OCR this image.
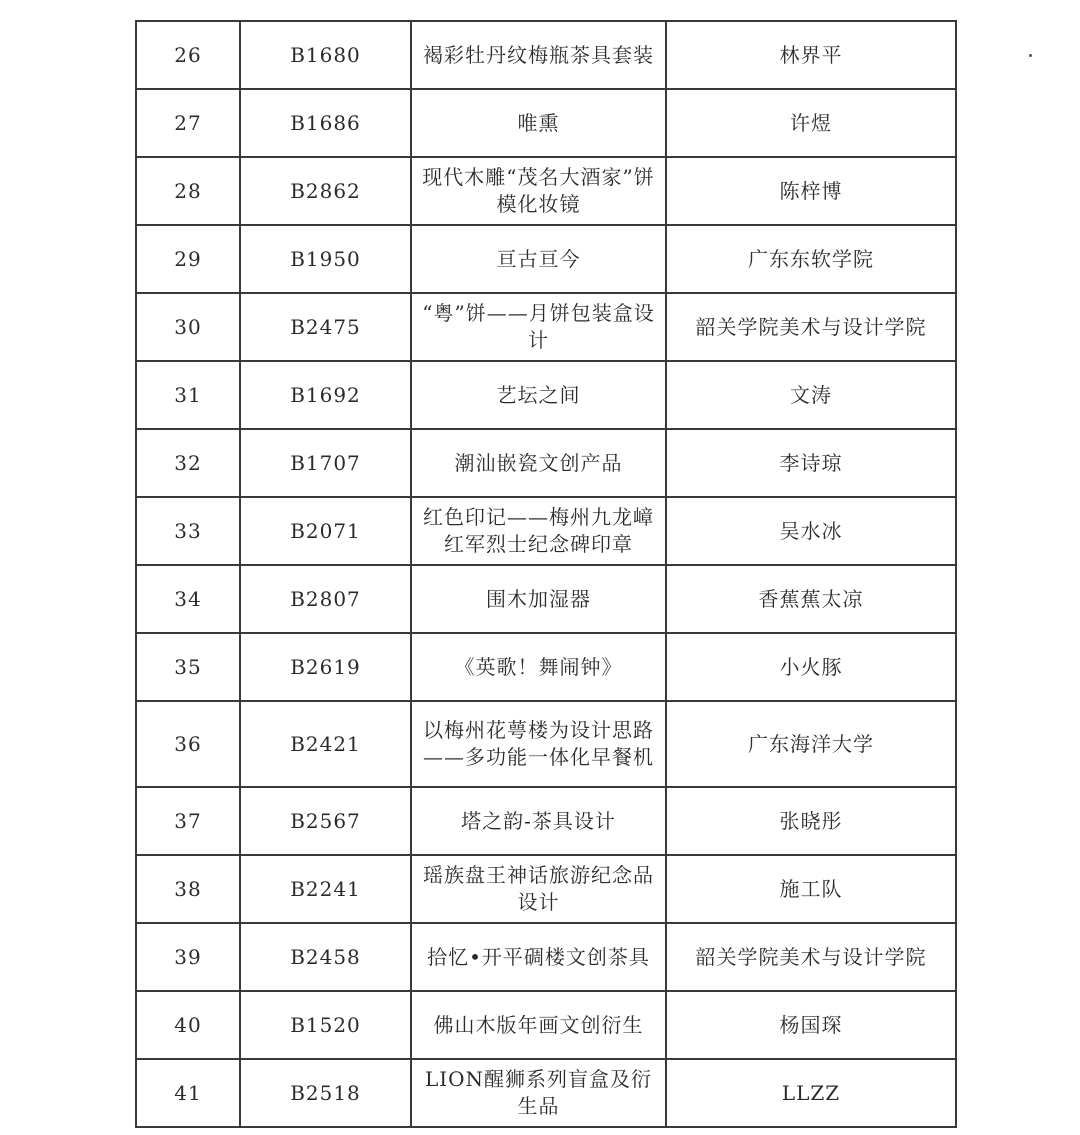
26	B1680	褐彩牡丹纹梅瓶茶具套装	林界平
27	B1686	唯熏	许煜
28	B2862	现代木雕“茂名大酒家”饼模化妆镜	陈梓博
29	B1950	亘古亘今	广东东软学院
30	B2475	“粤”饼——月饼包装盒设计	韶关学院美术与设计学院
31	B1692	艺坛之间	文涛
32	B1707	潮汕嵌瓷文创产品	李诗琼
33	B2071	红色印记——梅州九龙嶂红军烈士纪念碑印章	吴水冰
34	B2807	围木加湿器	香蕉蕉太凉
35	B2619	《英歌！舞闹钟》	小火豚
36	B2421	以梅州花萼楼为设计思路——多功能一体化早餐机	广东海洋大学
37	B2567	塔之韵-茶具设计	张晓彤
38	B2241	瑶族盘王神话旅游纪念品设计	施工队
39	B2458	拾忆•开平碉楼文创茶具	韶关学院美术与设计学院
40	B1520	佛山木版年画文创衍生	杨国琛
41	B2518	LION醒狮系列盲盒及衍生品	LLZZ
